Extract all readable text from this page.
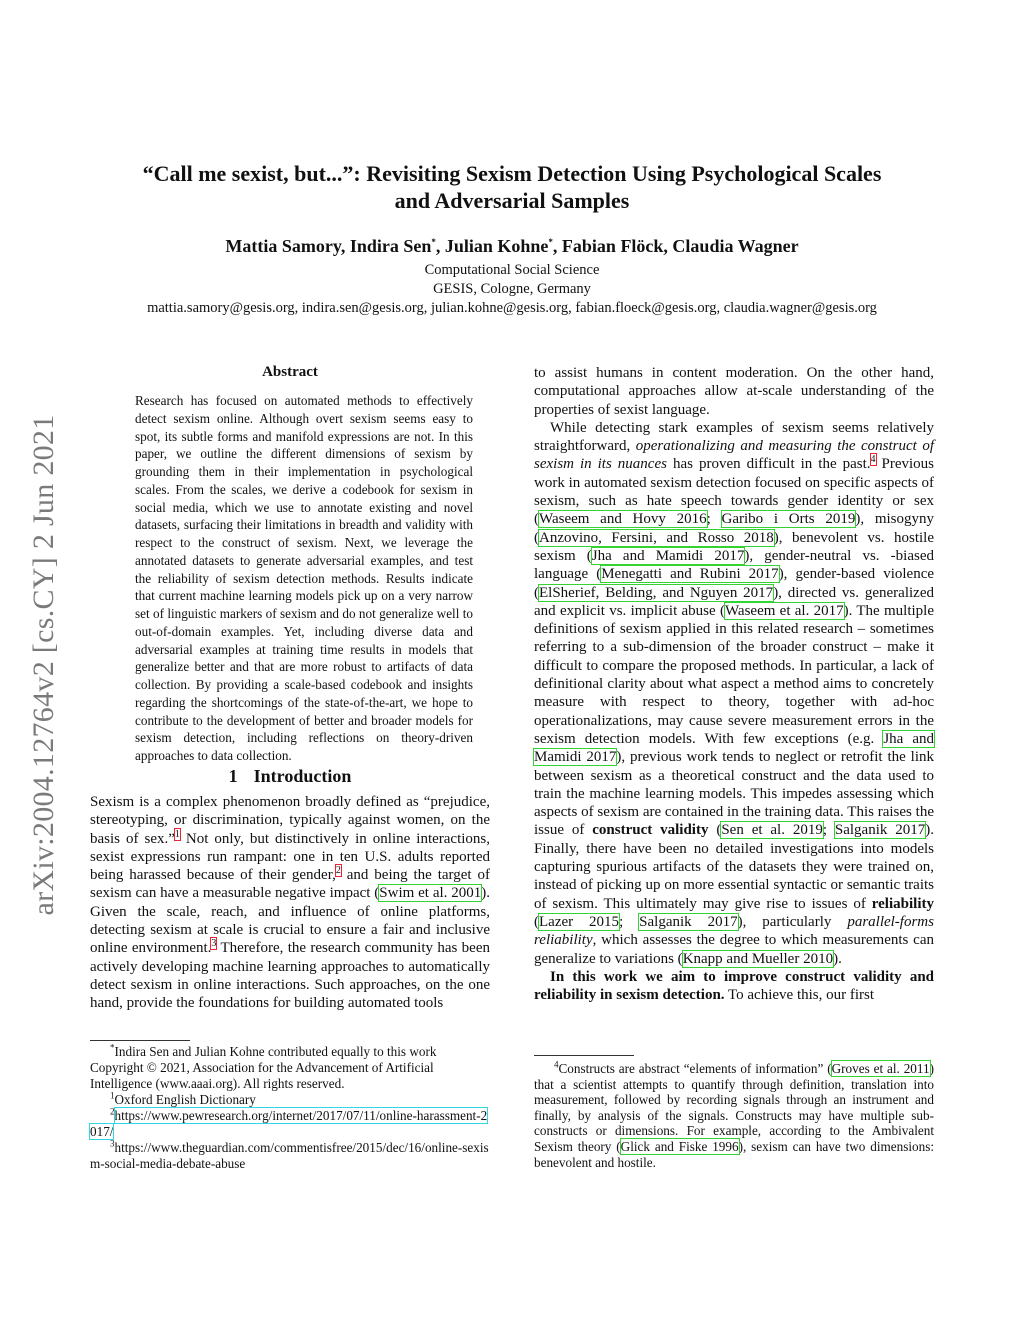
“Call me sexist, but...”: Revisiting Sexism Detection Using Psychological Scales
and Adversarial Samples
Mattia Samory, Indira Sen*, Julian Kohne*, Fabian Flöck, Claudia Wagner
Computational Social Science
GESIS, Cologne, Germany
mattia.samory@gesis.org, indira.sen@gesis.org, julian.kohne@gesis.org, fabian.floeck@gesis.org, claudia.wagner@gesis.org
arXiv:2004.12764v2 [cs.CY] 2 Jun 2021
Abstract
Research has focused on automated methods to effectively detect sexism online. Although overt sexism seems easy to spot, its subtle forms and manifold expressions are not. In this paper, we outline the different dimensions of sexism by grounding them in their implementation in psychological scales. From the scales, we derive a codebook for sexism in social media, which we use to annotate existing and novel datasets, surfacing their limitations in breadth and validity with respect to the construct of sexism. Next, we leverage the annotated datasets to generate adversarial examples, and test the reliability of sexism detection methods. Results indicate that current machine learning models pick up on a very narrow set of linguistic markers of sexism and do not generalize well to out-of-domain examples. Yet, including diverse data and adversarial examples at training time results in models that generalize better and that are more robust to artifacts of data collection. By providing a scale-based codebook and insights regarding the shortcomings of the state-of-the-art, we hope to contribute to the development of better and broader models for sexism detection, including reflections on theory-driven approaches to data collection.
1 Introduction
Sexism is a complex phenomenon broadly defined as “prejudice, stereotyping, or discrimination, typically against women, on the basis of sex.”$^1$ Not only, but distinctively in online interactions, sexist expressions run rampant: one in ten U.S. adults reported being harassed because of their gender,$^2$ and being the target of sexism can have a measurable negative impact (Swim et al. 2001). Given the scale, reach, and influence of online platforms, detecting sexism at scale is crucial to ensure a fair and inclusive online environment.$^3$ Therefore, the research community has been actively developing machine learning approaches to automatically detect sexism in online interactions. Such approaches, on the one hand, provide the foundations for building automated tools
*Indira Sen and Julian Kohne contributed equally to this work
Copyright © 2021, Association for the Advancement of Artificial Intelligence (www.aaai.org). All rights reserved.
$^1$Oxford English Dictionary
$^2$https://www.pewresearch.org/internet/2017/07/11/online-harassment-2017/
$^3$https://www.theguardian.com/commentisfree/2015/dec/16/online-sexism-social-media-debate-abuse

to assist humans in content moderation. On the other hand, computational approaches allow at-scale understanding of the properties of sexist language.

While detecting stark examples of sexism seems relatively straightforward, operationalizing and measuring the construct of sexism in its nuances has proven difficult in the past.$^4$ Previous work in automated sexism detection focused on specific aspects of sexism, such as hate speech towards gender identity or sex (Waseem and Hovy 2016; Garibo i Orts 2019), misogyny (Anzovino, Fersini, and Rosso 2018), benevolent vs. hostile sexism (Jha and Mamidi 2017), gender-neutral vs. -biased language (Menegatti and Rubini 2017), gender-based violence (ElSherief, Belding, and Nguyen 2017), directed vs. generalized and explicit vs. implicit abuse (Waseem et al. 2017). The multiple definitions of sexism applied in this related research – sometimes referring to a sub-dimension of the broader construct – make it difficult to compare the proposed methods. In particular, a lack of definitional clarity about what aspect a method aims to concretely measure with respect to theory, together with ad-hoc operationalizations, may cause severe measurement errors in the sexism detection models. With few exceptions (e.g. Jha and Mamidi 2017), previous work tends to neglect or retrofit the link between sexism as a theoretical construct and the data used to train the machine learning models. This impedes assessing which aspects of sexism are contained in the training data. This raises the issue of construct validity (Sen et al. 2019; Salganik 2017). Finally, there have been no detailed investigations into models capturing spurious artifacts of the datasets they were trained on, instead of picking up on more essential syntactic or semantic traits of sexism. This ultimately may give rise to issues of reliability (Lazer 2015; Salganik 2017), particularly parallel-forms reliability, which assesses the degree to which measurements can generalize to variations (Knapp and Mueller 2010).

In this work we aim to improve construct validity and reliability in sexism detection. To achieve this, our first

$^4$Constructs are abstract “elements of information” (Groves et al. 2011) that a scientist attempts to quantify through definition, translation into measurement, followed by recording signals through an instrument and finally, by analysis of the signals. Constructs may have multiple sub-constructs or dimensions. For example, according to the Ambivalent Sexism theory (Glick and Fiske 1996), sexism can have two dimensions: benevolent and hostile.
